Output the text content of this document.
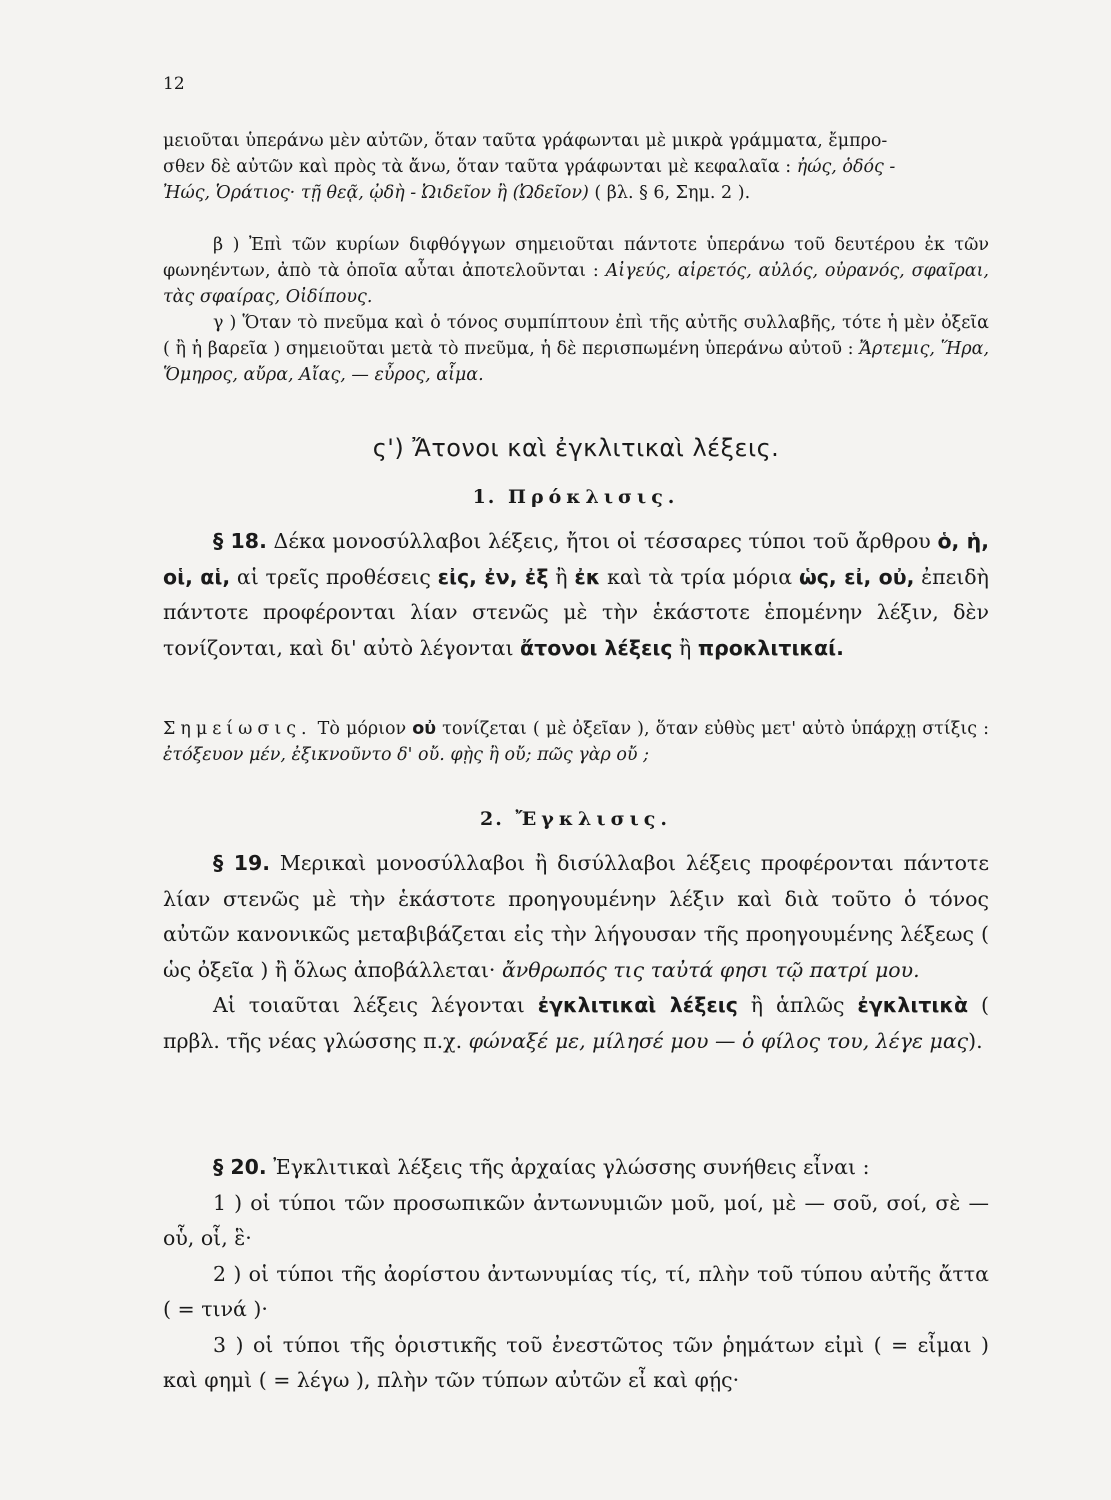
12

μειοῦται ὑπεράνω μὲν αὐτῶν, ὅταν ταῦτα γράφωνται μὲ μικρὰ γράμματα, ἔμπρο-

σθεν δὲ αὐτῶν καὶ πρὸς τὰ ἄνω, ὅταν ταῦτα γράφωνται μὲ κεφαλαῖα : ἠώς, ὁδός -

Ἠώς, Ὁράτιος· τῇ θεᾷ, ᾠδὴ - Ὠιδεῖον ἢ (Ὠδεῖον) ( βλ. § 6, Σημ. 2 ).

β ) Ἐπὶ τῶν κυρίων διφθόγγων σημειοῦται πάντοτε ὑπεράνω τοῦ δευτέρου ἐκ τῶν φωνηέντων, ἀπὸ τὰ ὁποῖα αὗται ἀποτελοῦνται : Αἰγεύς, αἱρετός, αὐλός, οὐρανός, σφαῖραι, τὰς σφαίρας, Οἰδίπους.

γ ) Ὅταν τὸ πνεῦμα καὶ ὁ τόνος συμπίπτουν ἐπὶ τῆς αὐτῆς συλλαβῆς, τότε ἡ μὲν ὀξεῖα ( ἢ ἡ βαρεῖα ) σημειοῦται μετὰ τὸ πνεῦμα, ἡ δὲ περισπωμένη ὑπεράνω αὐτοῦ : Ἄρτεμις, Ἥρα, Ὅμηρος, αὔρα, Αἴας, — εὖρος, αἷμα.

ς') Ἄτονοι καὶ ἐγκλιτικαὶ λέξεις.
1. Πρόκλισις.

§ 18. Δέκα μονοσύλλαβοι λέξεις, ἤτοι οἱ τέσσαρες τύποι τοῦ ἄρθρου ὁ, ἡ, οἱ, αἱ, αἱ τρεῖς προθέσεις εἰς, ἐν, ἐξ ἢ ἐκ καὶ τὰ τρία μόρια ὡς, εἰ, οὐ, ἐπειδὴ πάντοτε προφέρονται λίαν στενῶς μὲ τὴν ἑκάστοτε ἑπομένην λέξιν, δὲν τονίζονται, καὶ δι' αὐτὸ λέγονται ἄτονοι λέξεις ἢ προκλιτικαί.

Σημείωσις. Τὸ μόριον οὐ τονίζεται ( μὲ ὀξεῖαν ), ὅταν εὐθὺς μετ' αὐτὸ ὑπάρχῃ στίξις : ἐτόξευον μέν, ἐξικνοῦντο δ' οὔ. φῂς ἢ οὔ; πῶς γὰρ οὔ ;

2. Ἔγκλισις.

§ 19. Μερικαὶ μονοσύλλαβοι ἢ δισύλλαβοι λέξεις προφέρονται πάντοτε λίαν στενῶς μὲ τὴν ἑκάστοτε προηγουμένην λέξιν καὶ διὰ τοῦτο ὁ τόνος αὐτῶν κανονικῶς μεταβιβάζεται εἰς τὴν λήγουσαν τῆς προηγουμένης λέξεως ( ὡς ὀξεῖα ) ἢ ὅλως ἀποβάλλεται· ἄνθρωπός τις ταὐτά φησι τῷ πατρί μου.

Αἱ τοιαῦται λέξεις λέγονται ἐγκλιτικαὶ λέξεις ἢ ἁπλῶς ἐγκλιτικὰ ( πρβλ. τῆς νέας γλώσσης π.χ. φώναξέ με, μίλησέ μου — ὁ φίλος του, λέγε μας).

§ 20. Ἐγκλιτικαὶ λέξεις τῆς ἀρχαίας γλώσσης συνήθεις εἶναι :

1 ) οἱ τύποι τῶν προσωπικῶν ἀντωνυμιῶν μοῦ, μοί, μὲ — σοῦ, σοί, σὲ — οὗ, οἷ, ἓ·

2 ) οἱ τύποι τῆς ἀορίστου ἀντωνυμίας τίς, τί, πλὴν τοῦ τύπου αὐτῆς ἄττα ( = τινά )·

3 ) οἱ τύποι τῆς ὁριστικῆς τοῦ ἐνεστῶτος τῶν ῥημάτων εἰμὶ ( = εἶμαι ) καὶ φημὶ ( = λέγω ), πλὴν τῶν τύπων αὐτῶν εἶ καὶ φῄς·
